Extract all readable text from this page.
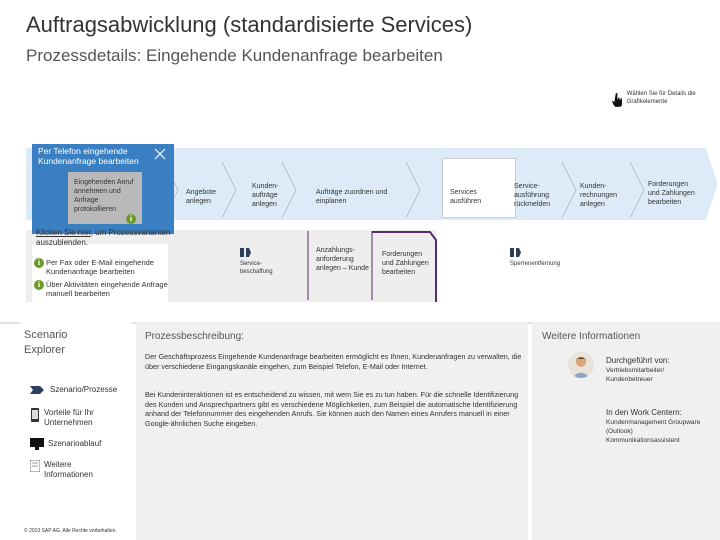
Auftragsabwicklung (standardisierte Services)
Prozessdetails: Eingehende Kundenanfrage bearbeiten
Wählen Sie für Details die Grafikelemente
Per Telefon eingehende Kundenanfrage bearbeiten
Eingehenden Anruf annehmen und Anfrage protokollieren
i
Klicken Sie hier, um Prozessvarianten auszublenden.
i Per Fax oder E-Mail eingehende Kundenanfrage bearbeiten
i Über Aktivitäten eingehende Anfrage manuell bearbeiten
Angebote anlegen
Kunden-aufträge anlegen
Aufträge zuordnen und einplanen
Services ausführen
Service-ausführung rückmelden
Kunden-rechnungen anlegen
Forderungen und Zahlungen bearbeiten
Service-beschaffung
Anzahlungs-anforderung anlegen – Kunde
Forderungen und Zahlungen bearbeiten
Sperrenentfernung
Scenario Explorer
Szenario/Prozesse
Vorteile für Ihr Unternehmen
Szenarioablauf
Weitere Informationen
© 2013 SAP AG. Alle Rechte vorbehalten.
Prozessbeschreibung:
Der Geschäftsprozess Eingehende Kundenanfrage bearbeiten ermöglicht es Ihnen, Kundenanfragen zu verwalten, die über verschiedene Eingangskanäle eingehen, zum Beispiel Telefon, E-Mail oder Internet.
Bei Kundeninteraktionen ist es entscheidend zu wissen, mit wem Sie es zu tun haben. Für die schnelle Identifizierung des Kunden und Ansprechpartners gibt es verschiedene Möglichkeiten, zum Beispiel die automatische Identifizierung anhand der Telefonnummer des eingehenden Anrufs. Sie können auch den Namen eines Anrufers manuell in einer Google-ähnlichen Suche eingeben.
Weitere Informationen
Durchgeführt von:
Vertriebsmitarbeiter/ Kundenbetreuer
In den Work Centern:
Kundenmanagement Groupware (Outlook) Kommunikationsassistent
